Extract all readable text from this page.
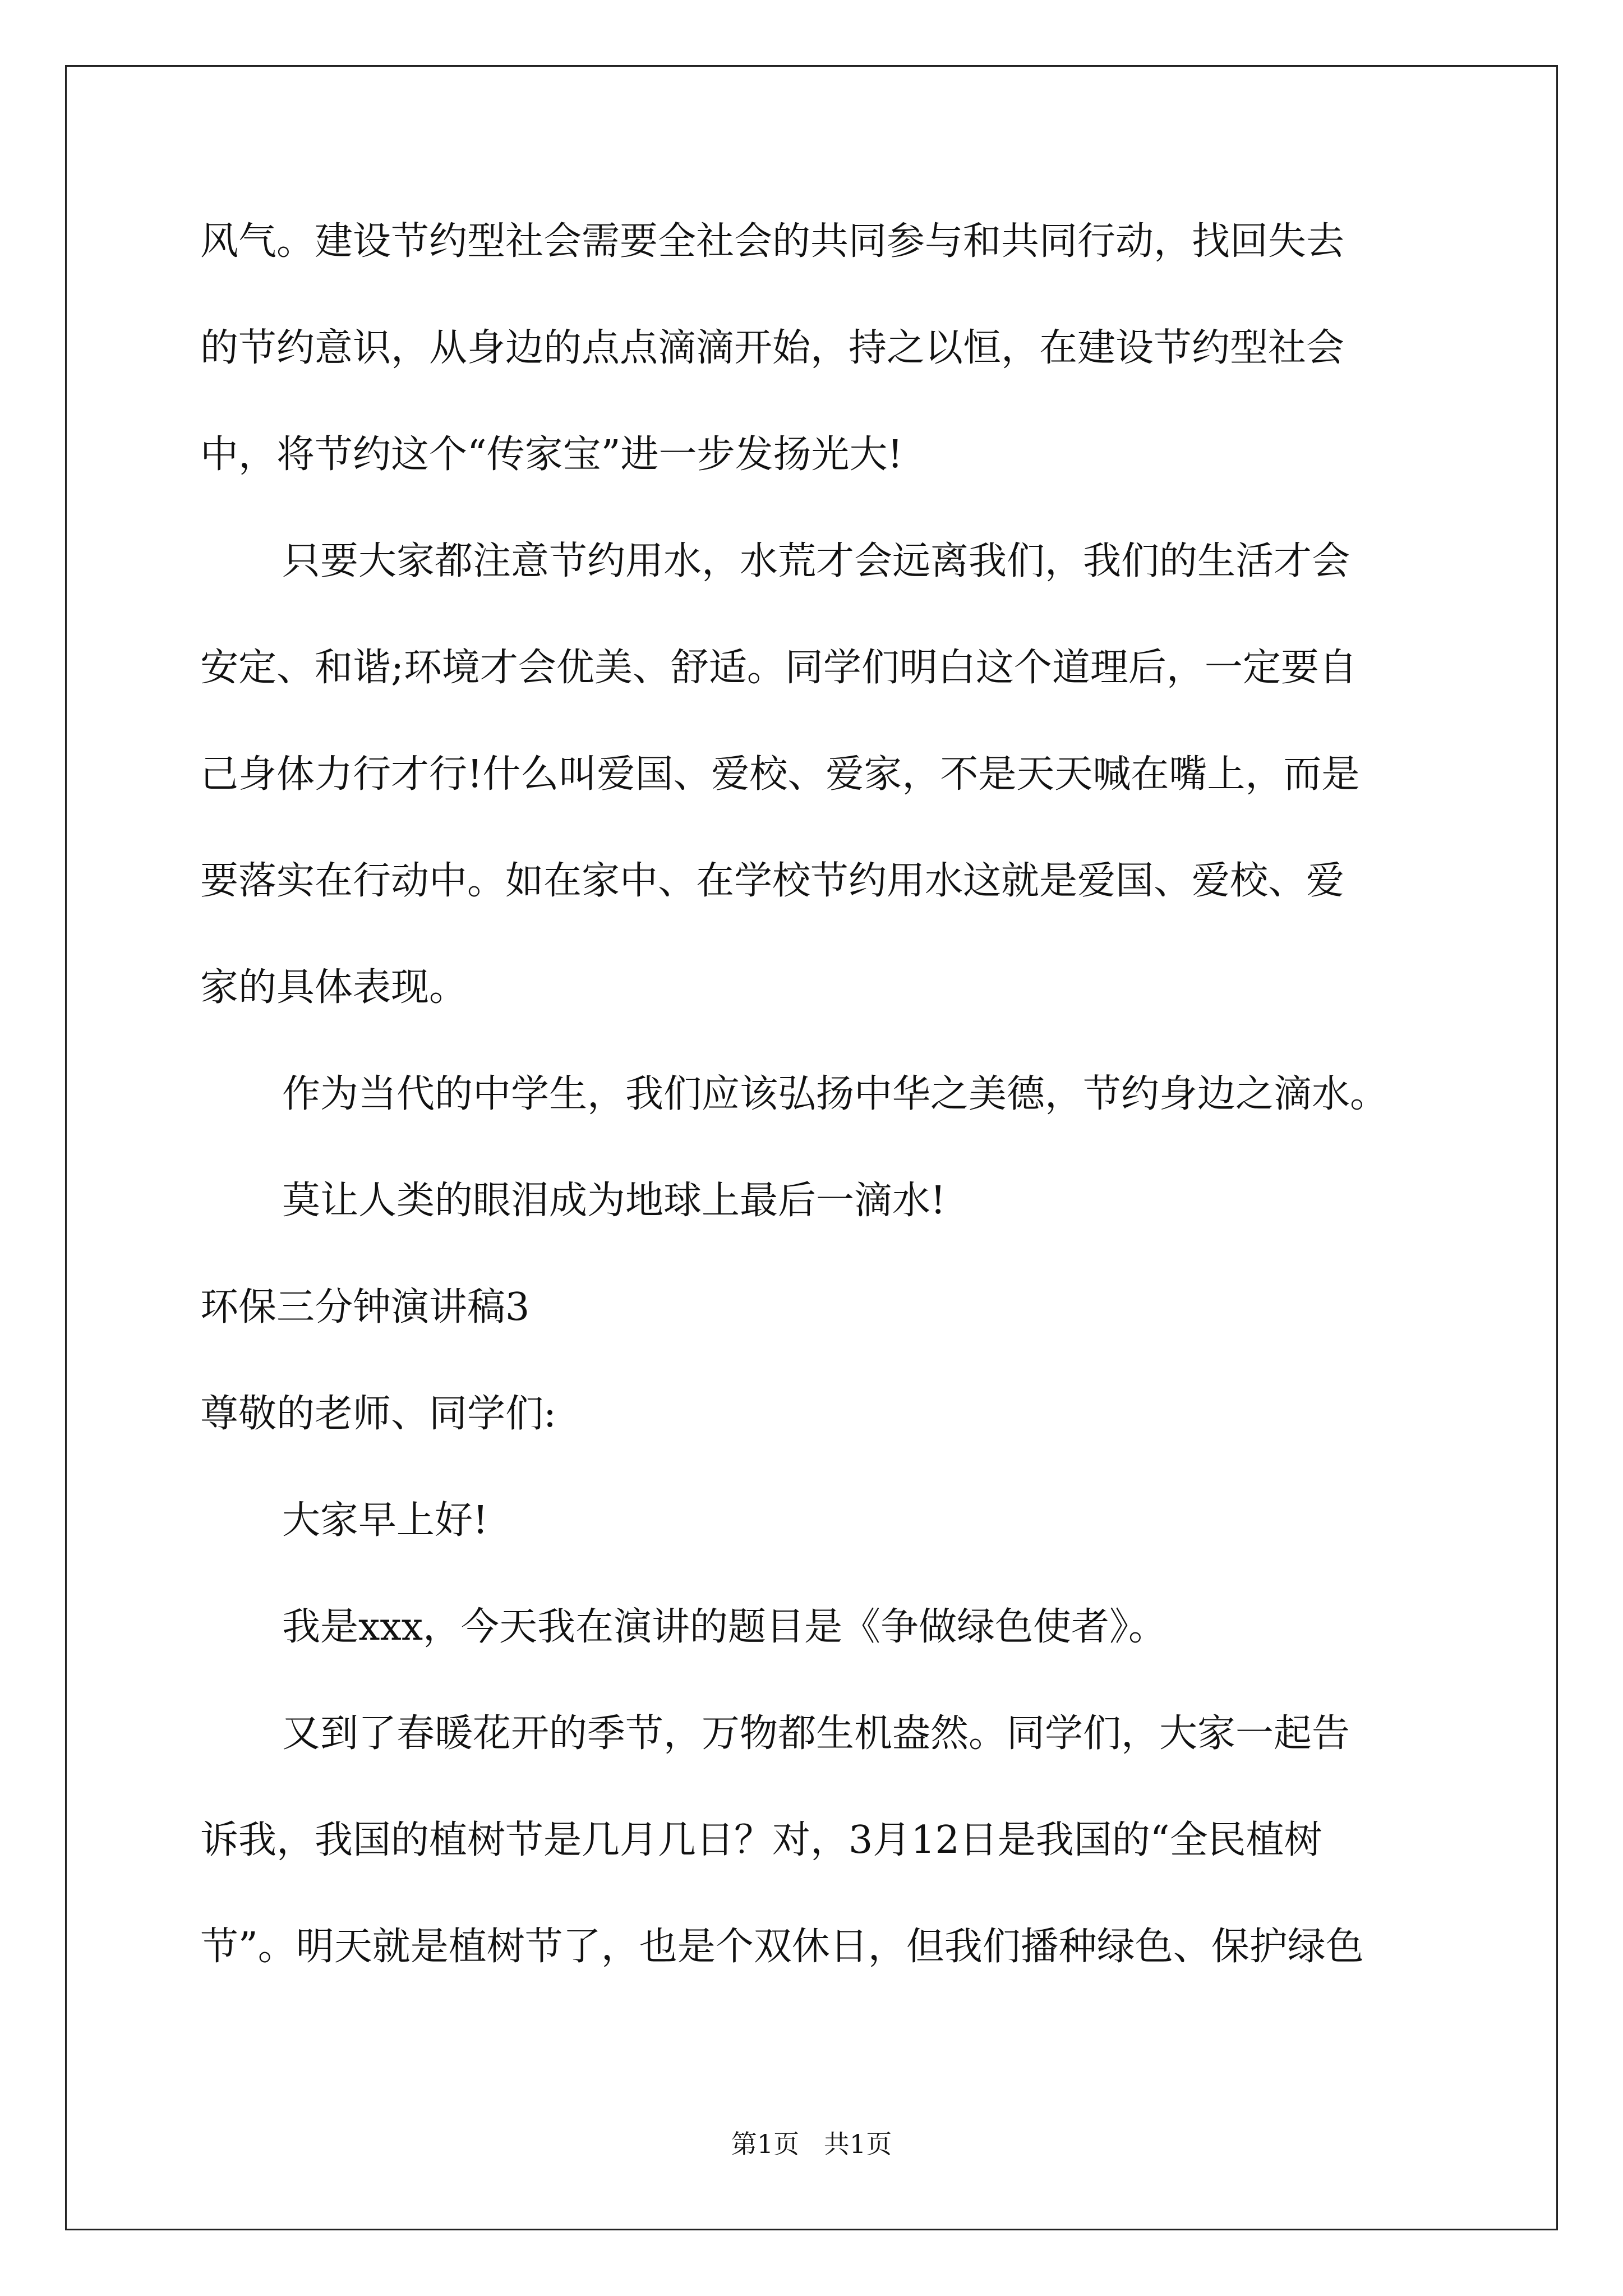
风气。建设节约型社会需要全社会的共同参与和共同行动，找回失去
的节约意识，从身边的点点滴滴开始，持之以恒，在建设节约型社会
中，将节约这个“传家宝”进一步发扬光大!
只要大家都注意节约用水，水荒才会远离我们，我们的生活才会
安定、和谐;环境才会优美、舒适。同学们明白这个道理后，一定要自
己身体力行才行!什么叫爱国、爱校、爱家，不是天天喊在嘴上，而是
要落实在行动中。如在家中、在学校节约用水这就是爱国、爱校、爱
家的具体表现。
作为当代的中学生，我们应该弘扬中华之美德，节约身边之滴水。
莫让人类的眼泪成为地球上最后一滴水!
环保三分钟演讲稿3
尊敬的老师、同学们:
大家早上好!
我是xxx，今天我在演讲的题目是《争做绿色使者》。
又到了春暖花开的季节，万物都生机盎然。同学们，大家一起告
诉我，我国的植树节是几月几日？对，3月12日是我国的“全民植树
节”。明天就是植树节了，也是个双休日，但我们播种绿色、保护绿色
第1页   共1页
